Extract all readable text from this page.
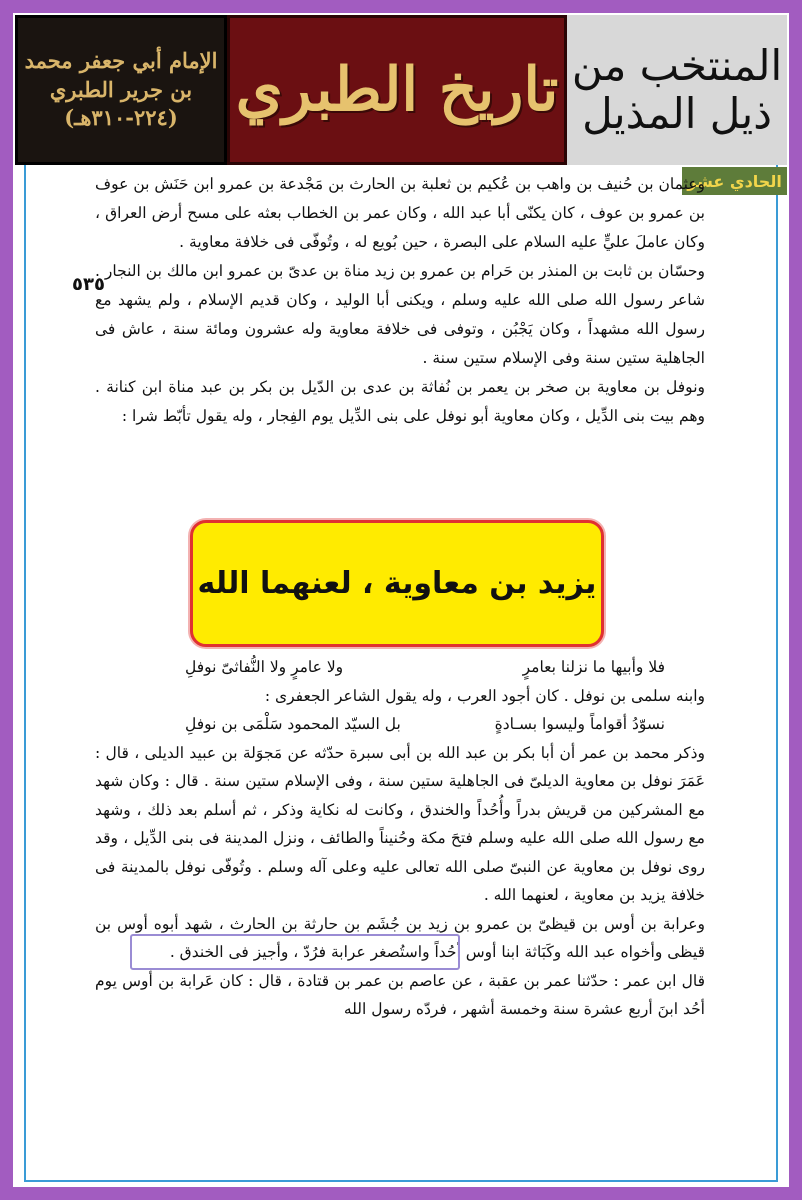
الإمام أبي جعفر محمد
بن جرير الطبري
(٢٢٤-٣١٠هـ) تاريخ الطبري المنتخب من
ذيل المذيل
الحادي عشر
٥٣٥

وعثمان بن حُنيف بن واهب بن عُكيم بن ثعلبة بن الحارث بن مَجْدعة بن عمرو ابن حَنَش بن عوف بن عمرو بن عوف ، كان يكنّى أبا عبد الله ، وكان عمر بن الخطاب بعثه على مسح أرض العراق ، وكان عاملَ عليٍّ عليه السلام على البصرة ، حين بُويع له ، وتُوفّى فى خلافة معاوية .

وحسّان بن ثابت بن المنذر بن حَرام بن عمرو بن زيد مناة بن عدىّ بن عمرو ابن مالك بن النجار . شاعر رسول الله صلى الله عليه وسلم ، ويكنى أبا الوليد ، وكان قديم الإسلام ، ولم يشهد مع رسول الله مشهداً ، وكان يَجْبُن ، وتوفى فى خلافة معاوية وله عشرون ومائة سنة ، عاش فى الجاهلية ستين سنة وفى الإسلام ستين سنة .

ونوفل بن معاوية بن صخر بن يعمر بن نُفاثة بن عدى بن الدّيل بن بكر بن عبد مناة ابن كنانة . وهم بيت بنى الدِّيل ، وكان معاوية أبو نوفل على بنى الدِّيل يوم الفِجار ، وله يقول تأبّط شرا :

يزيد بن معاوية ، لعنهما الله
فلا وأبيها ما نزلنا بعامرٍ
ولا عامرٍ ولا النُّفاثىّ نوفلِ

وابنه سلمى بن نوفل . كان أجود العرب ، وله يقول الشاعر الجعفرى :

نسوّدُ أقواماً وليسوا بسـادةٍ
بل السيّد المحمود سَلْمَى بن نوفلِ

وذكر محمد بن عمر أن أبا بكر بن عبد الله بن أبى سبرة حدّثه عن مَجوَلة بن عبيد الديلى ، قال : عَمَرَ نوفل بن معاوية الديلىّ فى الجاهلية ستين سنة ، وفى الإسلام ستين سنة . قال : وكان شهد مع المشركين من قريش بدراً وأُحُداً والخندق ، وكانت له نكاية وذكر ، ثم أسلم بعد ذلك ، وشهد مع رسول الله صلى الله عليه وسلم فتحَ مكة وحُنيناً والطائف ، ونزل المدينة فى بنى الدِّيل ، وقد روى نوفل بن معاوية عن النبىّ صلى الله تعالى عليه وعلى آله وسلم . وتُوفّى نوفل بالمدينة فى خلافة يزيد بن معاوية ، لعنهما الله .

وعرابة بن أوس بن قيظىّ بن عمرو بن زيد بن جُشَم بن حارثة بن الحارث ، شهد أبوه أوس بن قيظى وأخواه عبد الله وكَبَاثة ابنا أوس أحُداً واستُصغر عرابة فرُدّ ، وأجيز فى الخندق .

قال ابن عمر : حدّثنا عمر بن عقبة ، عن عاصم بن عمر بن قتادة ، قال : كان عَرابة بن أوس يوم أحُد ابنَ أربع عشرة سنة وخمسة أشهر ، فردّه رسول الله
